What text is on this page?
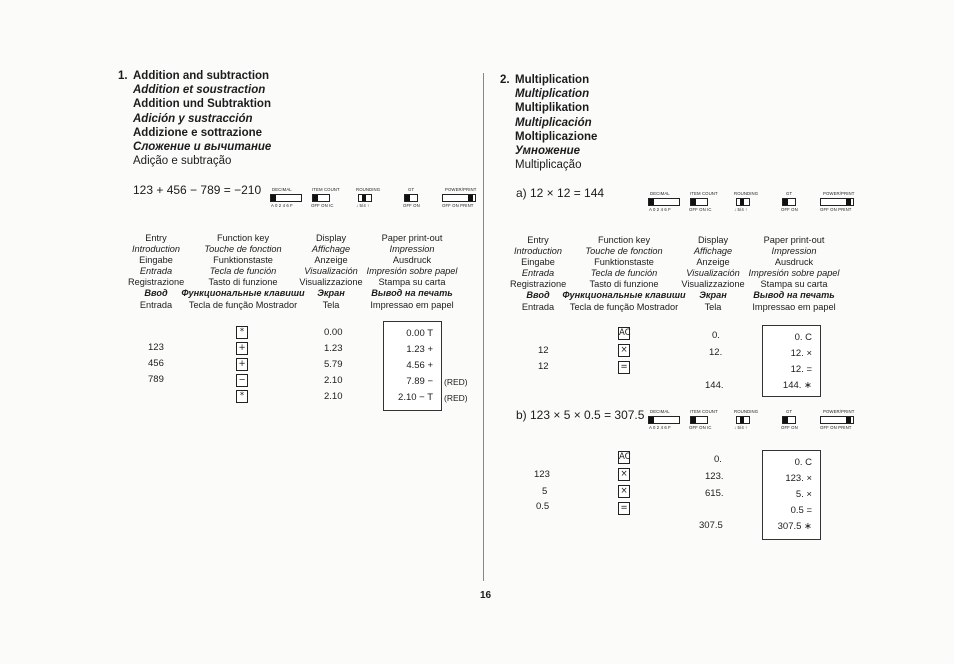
1. Addition and subtraction
Addition et soustraction
Addition und Subtraktion
Adición y sustracción
Addizione e sottrazione
Сложение и вычитание
Adição e subtração
123 + 456 − 789 = −210	DECIMAL
A 0 2 4 6 F
ITEM COUNT
OFF ON IC
ROUNDING
↓ 5/4 ↑
GT
OFF ON
POWER/PRINT
OFF ON PRINT
Entry
Introduction
Eingabe
Entrada
Registrazione
Ввод
Entrada
Function key
Touche de fonction
Funktionstaste
Tecla de función
Tasto di funzione
Функциональные клавиши
Tecla de função Mostrador
Display
Affichage
Anzeige
Visualización
Visualizzazione
Экран
Tela
Paper print-out
Impression
Ausdruck
Impresión sobre papel
Stampa su carta
Вывод на печать
Impressao em papel
123
456
789
*
+
+
−
*
0.00
1.23
5.79
2.10
2.10
0.00 T
1.23 +
4.56 +
7.89 −
2.10 − T
(RED)
(RED)
2. Multiplication
Multiplication
Multiplikation
Multiplicación
Moltiplicazione
Умножение
Multiplicação
a) 12 × 12 = 144	DECIMAL
A 0 2 4 6 F
ITEM COUNT
OFF ON IC
ROUNDING
↓ 5/4 ↑
GT
OFF ON
POWER/PRINT
OFF ON PRINT
Entry
Introduction
Eingabe
Entrada
Registrazione
Ввод
Entrada
Function key
Touche de fonction
Funktionstaste
Tecla de función
Tasto di funzione
Функциональные клавиши
Tecla de função Mostrador
Display
Affichage
Anzeige
Visualización
Visualizzazione
Экран
Tela
Paper print-out
Impression
Ausdruck
Impresión sobre papel
Stampa su carta
Вывод на печать
Impressao em papel
12
12
AC
×
=
0.
12.
144.
0. C
12. ×
12. =
144. ∗
b) 123 × 5 × 0.5 = 307.5 DECIMAL
A 0 2 4 6 F
ITEM COUNT
OFF ON IC
ROUNDING
↓ 5/4 ↑
GT
OFF ON
POWER/PRINT
OFF ON PRINT
123
5
0.5
AC
×
×
=
0.
123.
615.
307.5
0. C
123. ×
5. ×
0.5 =
307.5 ∗
16
